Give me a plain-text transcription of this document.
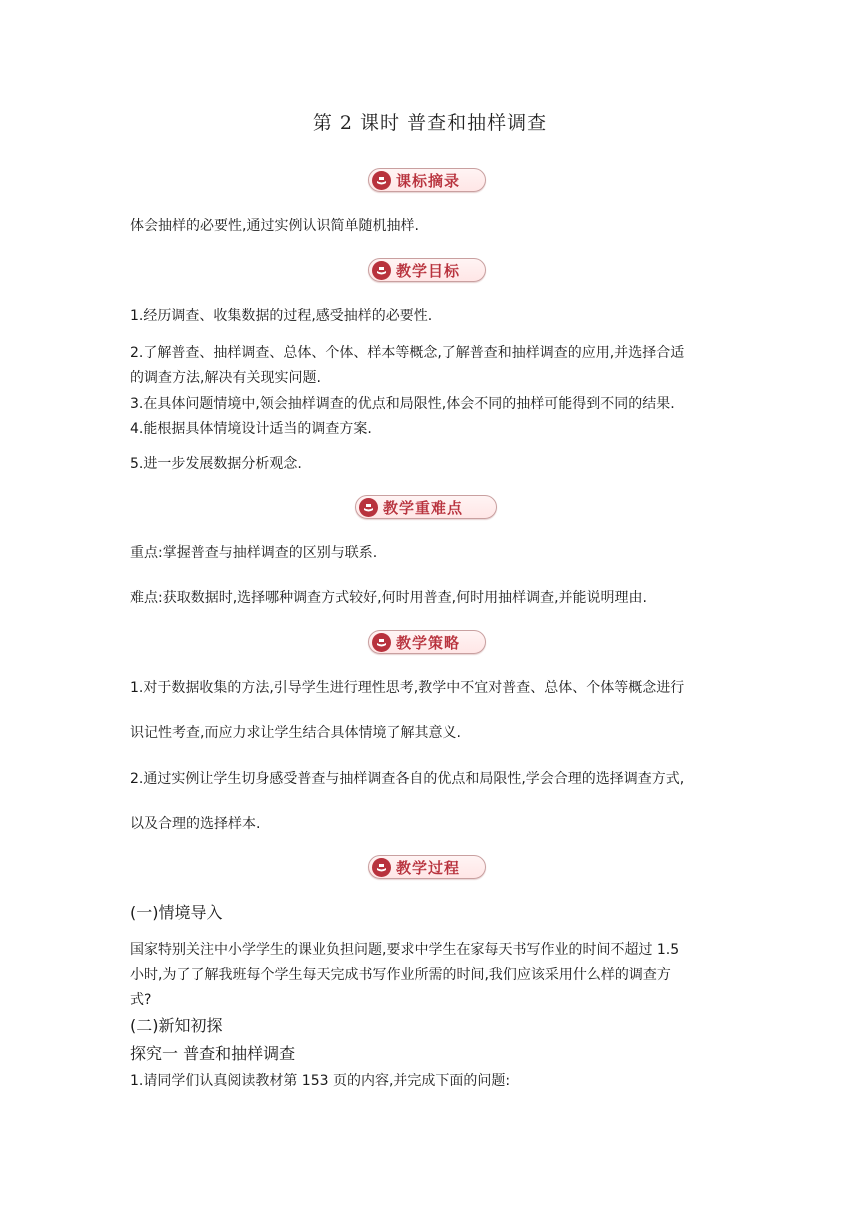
第 2 课时 普查和抽样调查
课标摘录
体会抽样的必要性,通过实例认识简单随机抽样.
教学目标
1.经历调查、收集数据的过程,感受抽样的必要性.
2.了解普查、抽样调查、总体、个体、样本等概念,了解普查和抽样调查的应用,并选择合适
的调查方法,解决有关现实问题.
3.在具体问题情境中,领会抽样调查的优点和局限性,体会不同的抽样可能得到不同的结果.
4.能根据具体情境设计适当的调查方案.
5.进一步发展数据分析观念.
教学重难点
重点:掌握普查与抽样调查的区别与联系.
难点:获取数据时,选择哪种调查方式较好,何时用普查,何时用抽样调查,并能说明理由.
教学策略
1.对于数据收集的方法,引导学生进行理性思考,教学中不宜对普查、总体、个体等概念进行
识记性考查,而应力求让学生结合具体情境了解其意义.
2.通过实例让学生切身感受普查与抽样调查各自的优点和局限性,学会合理的选择调查方式,
以及合理的选择样本.
教学过程
(一)情境导入
国家特别关注中小学学生的课业负担问题,要求中学生在家每天书写作业的时间不超过 1.5
小时,为了了解我班每个学生每天完成书写作业所需的时间,我们应该采用什么样的调查方
式?
(二)新知初探
探究一 普查和抽样调查
1.请同学们认真阅读教材第 153 页的内容,并完成下面的问题:
